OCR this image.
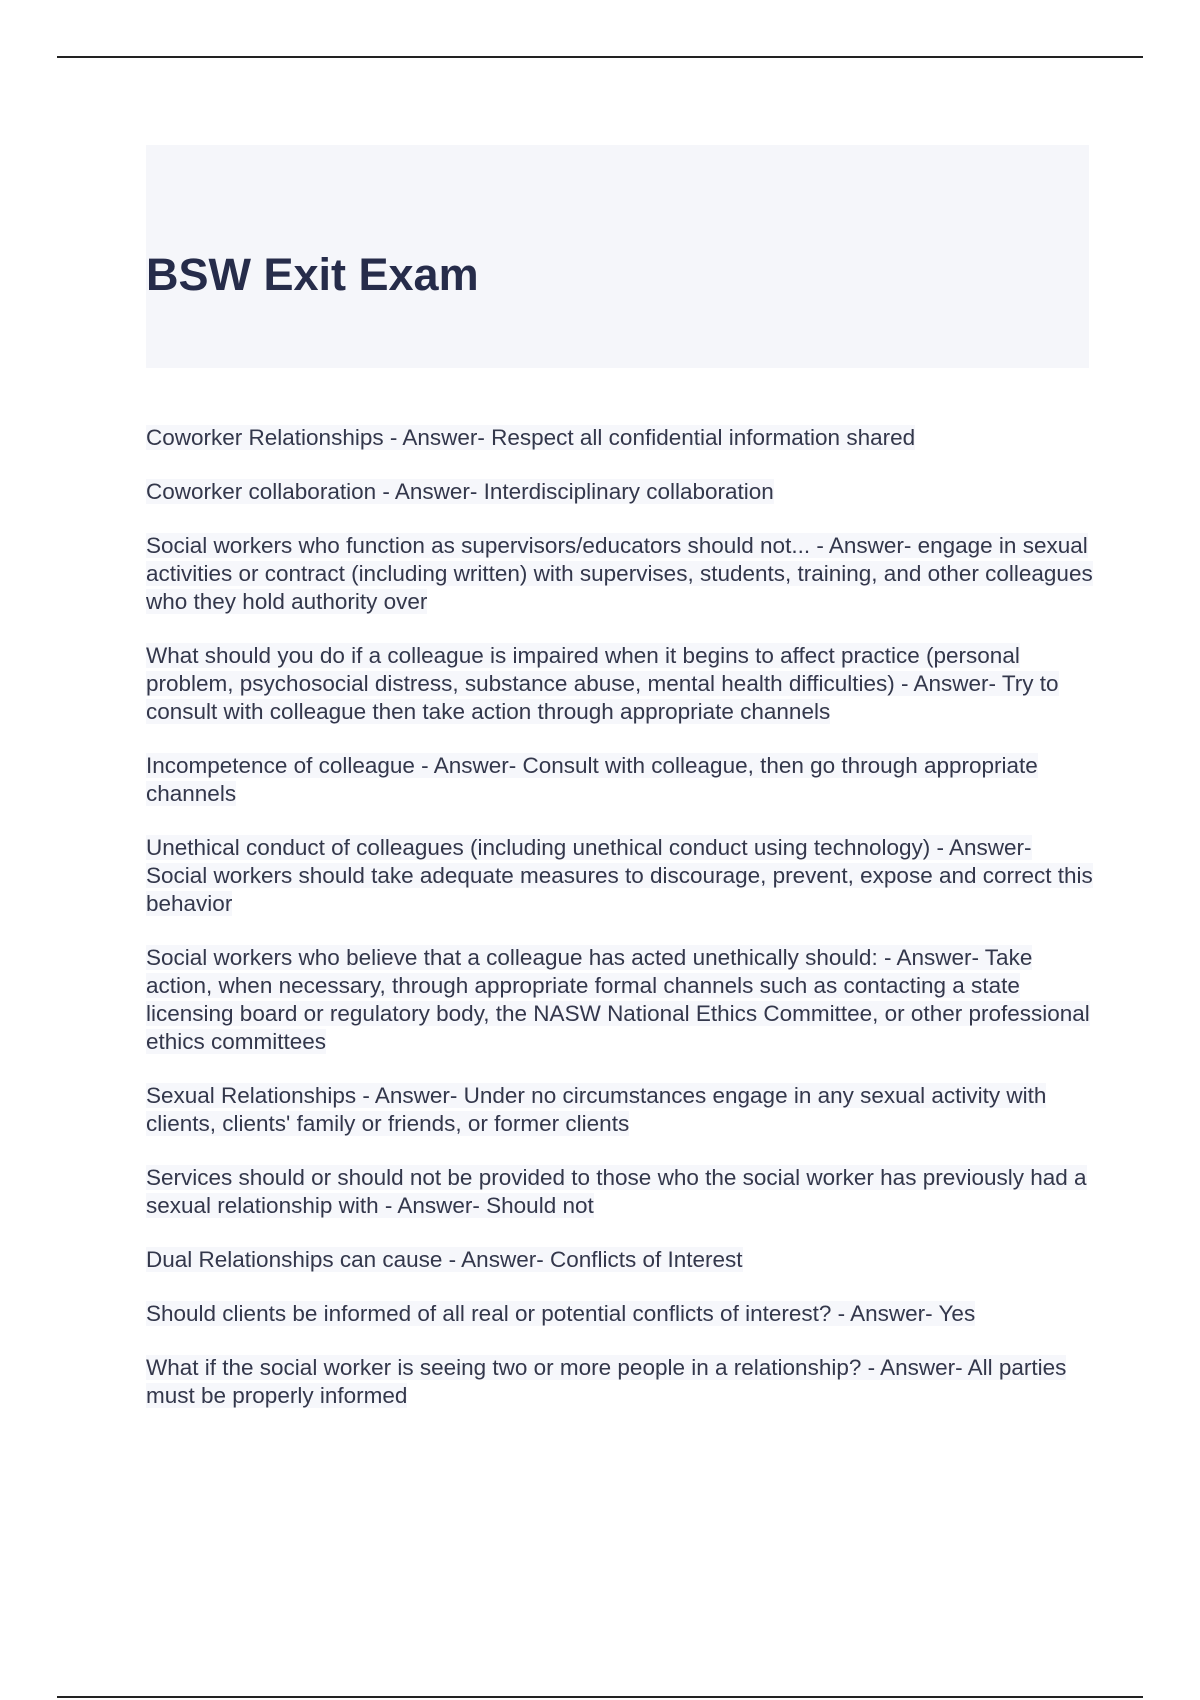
BSW Exit Exam
Coworker Relationships - Answer- Respect all confidential information shared
Coworker collaboration - Answer- Interdisciplinary collaboration
Social workers who function as supervisors/educators should not... - Answer- engage in sexual activities or contract (including written) with supervises, students, training, and other colleagues who they hold authority over
What should you do if a colleague is impaired when it begins to affect practice (personal problem, psychosocial distress, substance abuse, mental health difficulties) - Answer- Try to consult with colleague then take action through appropriate channels
Incompetence of colleague - Answer- Consult with colleague, then go through appropriate channels
Unethical conduct of colleagues (including unethical conduct using technology) - Answer- Social workers should take adequate measures to discourage, prevent, expose and correct this behavior
Social workers who believe that a colleague has acted unethically should: - Answer- Take action, when necessary, through appropriate formal channels such as contacting a state licensing board or regulatory body, the NASW National Ethics Committee, or other professional ethics committees
Sexual Relationships - Answer- Under no circumstances engage in any sexual activity with clients, clients' family or friends, or former clients
Services should or should not be provided to those who the social worker has previously had a sexual relationship with - Answer- Should not
Dual Relationships can cause - Answer- Conflicts of Interest
Should clients be informed of all real or potential conflicts of interest? - Answer- Yes
What if the social worker is seeing two or more people in a relationship? - Answer- All parties must be properly informed
